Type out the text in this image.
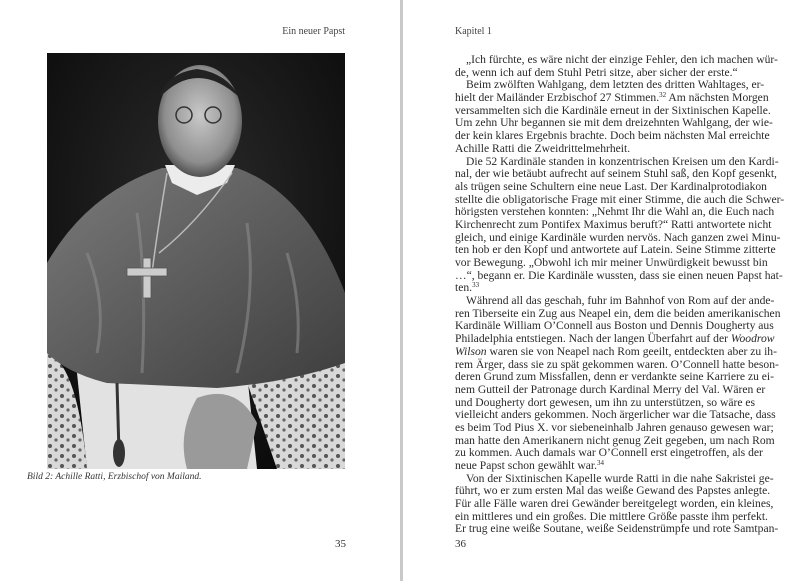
Ein neuer Papst
Bild 2: Achille Ratti, Erzbischof von Mailand.
35
Kapitel 1
„Ich fürchte, es wäre nicht der einzige Fehler, den ich machen wür-
de, wenn ich auf dem Stuhl Petri sitze, aber sicher der erste.“
Beim zwölften Wahlgang, dem letzten des dritten Wahltages, er-
hielt der Mailänder Erzbischof 27 Stimmen.$^{32}$ Am nächsten Morgen
versammelten sich die Kardinäle erneut in der Sixtinischen Kapelle.
Um zehn Uhr begannen sie mit dem dreizehnten Wahlgang, der wie-
der kein klares Ergebnis brachte. Doch beim nächsten Mal erreichte
Achille Ratti die Zweidrittelmehrheit.
Die 52 Kardinäle standen in konzentrischen Kreisen um den Kardi-
nal, der wie betäubt aufrecht auf seinem Stuhl saß, den Kopf gesenkt,
als trügen seine Schultern eine neue Last. Der Kardinalprotodiakon
stellte die obligatorische Frage mit einer Stimme, die auch die Schwer-
hörigsten verstehen konnten: „Nehmt Ihr die Wahl an, die Euch nach
Kirchenrecht zum Pontifex Maximus beruft?“ Ratti antwortete nicht
gleich, und einige Kardinäle wurden nervös. Nach ganzen zwei Minu-
ten hob er den Kopf und antwortete auf Latein. Seine Stimme zitterte
vor Bewegung. „Obwohl ich mir meiner Unwürdigkeit bewusst bin
…“, begann er. Die Kardinäle wussten, dass sie einen neuen Papst hat-
ten.$^{33}$
Während all das geschah, fuhr im Bahnhof von Rom auf der ande-
ren Tiberseite ein Zug aus Neapel ein, dem die beiden amerikanischen
Kardinäle William O’Connell aus Boston und Dennis Dougherty aus
Philadelphia entstiegen. Nach der langen Überfahrt auf der Woodrow
Wilson waren sie von Neapel nach Rom geeilt, entdeckten aber zu ih-
rem Ärger, dass sie zu spät gekommen waren. O’Connell hatte beson-
deren Grund zum Missfallen, denn er verdankte seine Karriere zu ei-
nem Gutteil der Patronage durch Kardinal Merry del Val. Wären er
und Dougherty dort gewesen, um ihn zu unterstützen, so wäre es
vielleicht anders gekommen. Noch ärgerlicher war die Tatsache, dass
es beim Tod Pius X. vor siebeneinhalb Jahren genauso gewesen war;
man hatte den Amerikanern nicht genug Zeit gegeben, um nach Rom
zu kommen. Auch damals war O’Connell erst eingetroffen, als der
neue Papst schon gewählt war.$^{34}$
Von der Sixtinischen Kapelle wurde Ratti in die nahe Sakristei ge-
führt, wo er zum ersten Mal das weiße Gewand des Papstes anlegte.
Für alle Fälle waren drei Gewänder bereitgelegt worden, ein kleines,
ein mittleres und ein großes. Die mittlere Größe passte ihm perfekt.
Er trug eine weiße Soutane, weiße Seidenstrümpfe und rote Samtpan-
36
